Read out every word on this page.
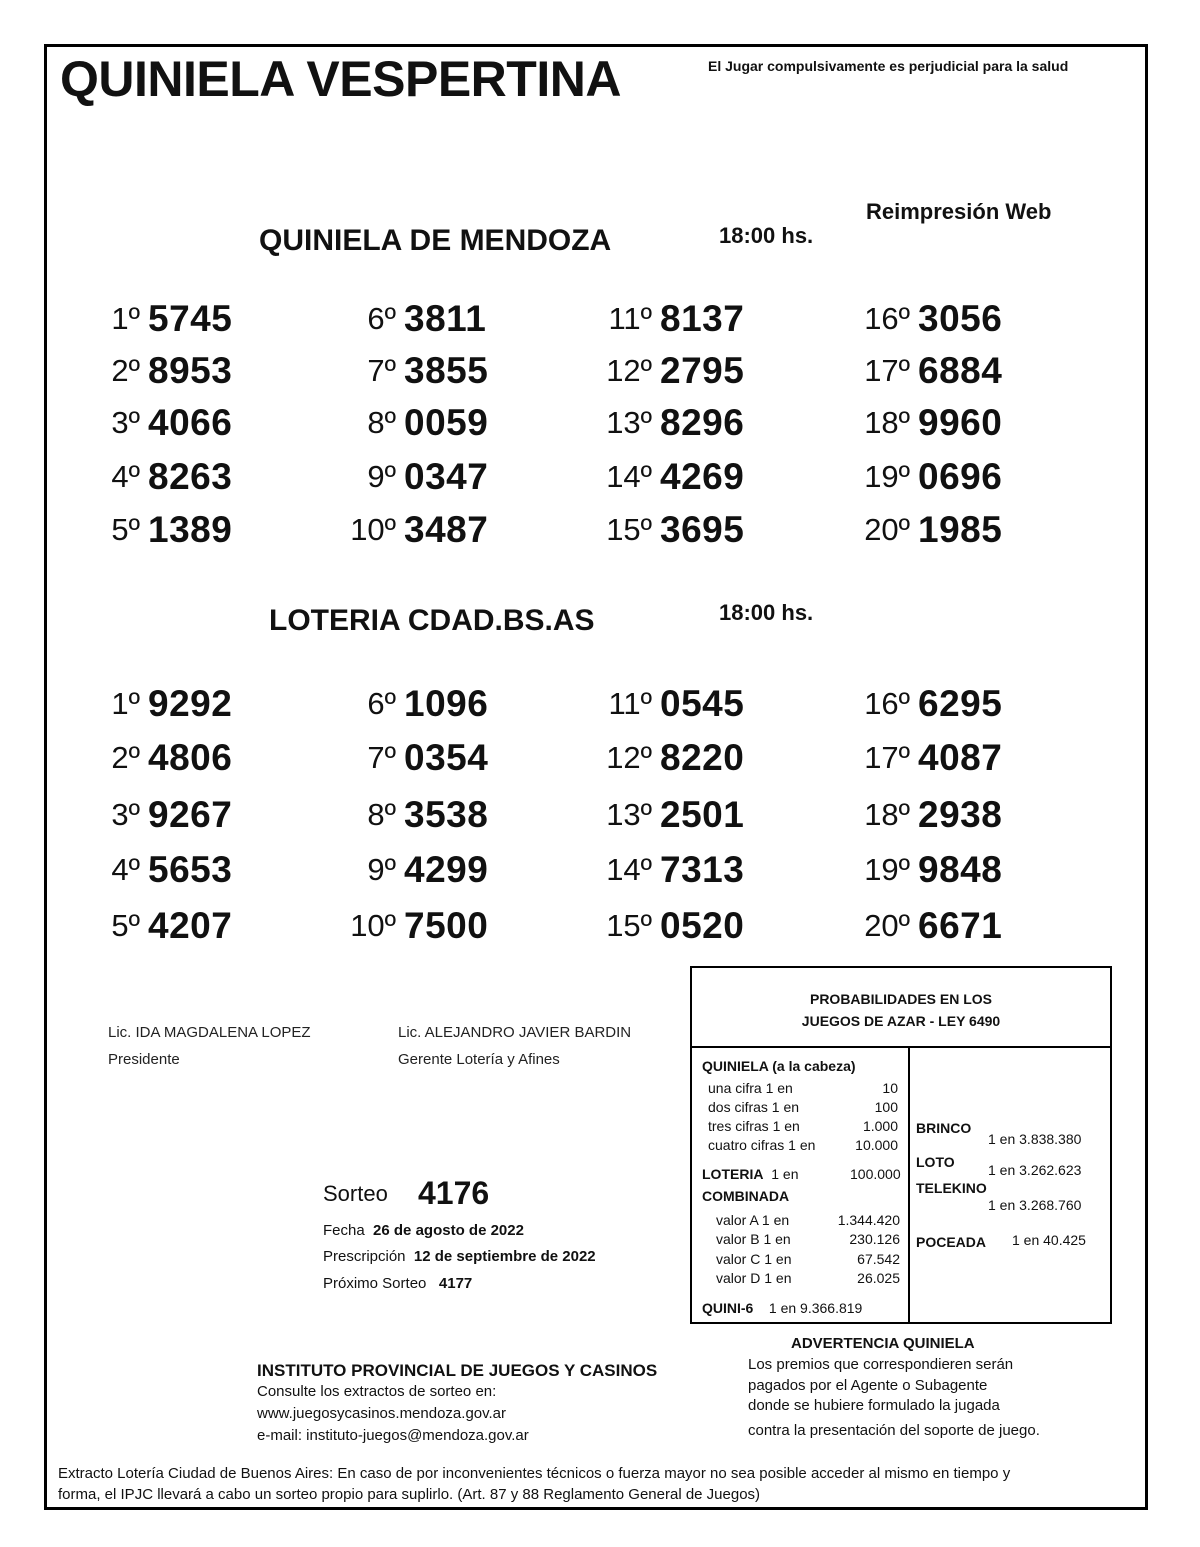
QUINIELA VESPERTINA	El Jugar compulsivamente es perjudicial para la salud
Reimpresión Web
QUINIELA DE MENDOZA	18:00 hs.
1º 5745
2º 8953
3º 4066
4º 8263
5º 1389
6º 3811
7º 3855
8º 0059
9º 0347
10º 3487
11º 8137
12º 2795
13º 8296
14º 4269
15º 3695
16º 3056
17º 6884
18º 9960
19º 0696
20º 1985
LOTERIA CDAD.BS.AS	18:00 hs.
1º 9292
2º 4806
3º 9267
4º 5653
5º 4207
6º 1096
7º 0354
8º 3538
9º 4299
10º 7500
11º 0545
12º 8220
13º 2501
14º 7313
15º 0520
16º 6295
17º 4087
18º 2938
19º 9848
20º 6671
Lic. IDA MAGDALENA LOPEZ
Presidente
Lic. ALEJANDRO JAVIER BARDIN
Gerente Lotería y Afines
Sorteo 4176
Fecha 26 de agosto de 2022
Prescripción 12 de septiembre de 2022
Próximo Sorteo 4177
PROBABILIDADES EN LOS
JUEGOS DE AZAR - LEY 6490
QUINIELA (a la cabeza)
una cifra 1 en	10
dos cifras 1 en	100
tres cifras 1 en	1.000
cuatro cifras 1 en	10.000
LOTERIA 1 en	100.000
COMBINADA
valor A 1 en	1.344.420
valor B 1 en	230.126
valor C 1 en	67.542
valor D 1 en	26.025
QUINI-6 1 en 9.366.819
BRINCO
1 en 3.838.380
LOTO 1 en 3.262.623
TELEKINO
1 en 3.268.760
POCEADA 1 en 40.425
ADVERTENCIA QUINIELA
Los premios que correspondieren serán
pagados por el Agente o Subagente
donde se hubiere formulado la jugada
contra la presentación del soporte de juego.
INSTITUTO PROVINCIAL DE JUEGOS Y CASINOS
Consulte los extractos de sorteo en:
www.juegosycasinos.mendoza.gov.ar
e-mail: instituto-juegos@mendoza.gov.ar
Extracto Lotería Ciudad de Buenos Aires: En caso de por inconvenientes técnicos o fuerza mayor no sea posible acceder al mismo en tiempo y
forma, el IPJC llevará a cabo un sorteo propio para suplirlo. (Art. 87 y 88 Reglamento General de Juegos)
